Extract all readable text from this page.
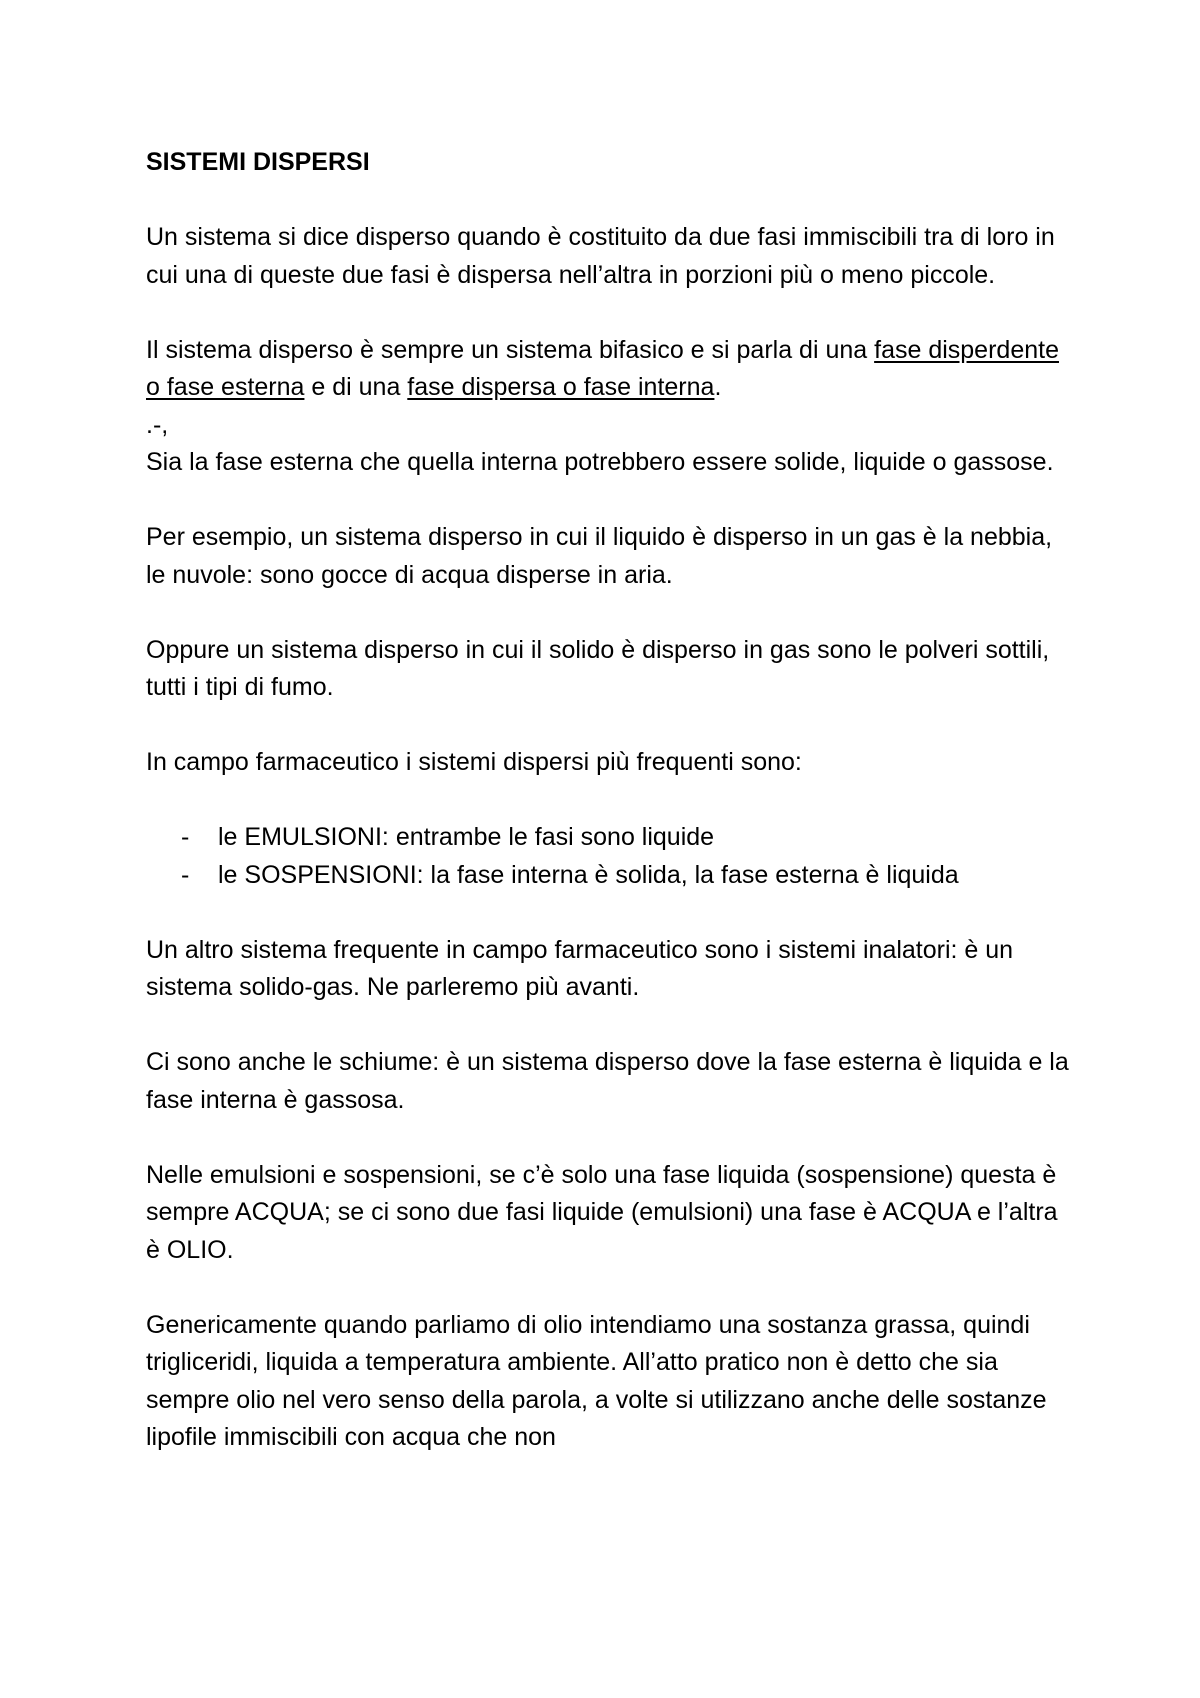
SISTEMI DISPERSI

Un sistema si dice disperso quando è costituito da due fasi immiscibili tra di loro in cui una di queste due fasi è dispersa nell’altra in porzioni più o meno piccole.

Il sistema disperso è sempre un sistema bifasico e si parla di una fase disperdente o fase esterna e di una fase dispersa o fase interna.

.-,

Sia la fase esterna che quella interna potrebbero essere solide, liquide o gassose.

Per esempio, un sistema disperso in cui il liquido è disperso in un gas è la nebbia, le nuvole: sono gocce di acqua disperse in aria.

Oppure un sistema disperso in cui il solido è disperso in gas sono le polveri sottili, tutti i tipi di fumo.

In campo farmaceutico i sistemi dispersi più frequenti sono:

- le EMULSIONI: entrambe le fasi sono liquide
- le SOSPENSIONI: la fase interna è solida, la fase esterna è liquida

Un altro sistema frequente in campo farmaceutico sono i sistemi inalatori: è un sistema solido-gas. Ne parleremo più avanti.

Ci sono anche le schiume: è un sistema disperso dove la fase esterna è liquida e la fase interna è gassosa.

Nelle emulsioni e sospensioni, se c’è solo una fase liquida (sospensione) questa è sempre ACQUA; se ci sono due fasi liquide (emulsioni) una fase è ACQUA e l’altra è OLIO.

Genericamente quando parliamo di olio intendiamo una sostanza grassa, quindi trigliceridi, liquida a temperatura ambiente. All’atto pratico non è detto che sia sempre olio nel vero senso della parola, a volte si utilizzano anche delle sostanze lipofile immiscibili con acqua che non
